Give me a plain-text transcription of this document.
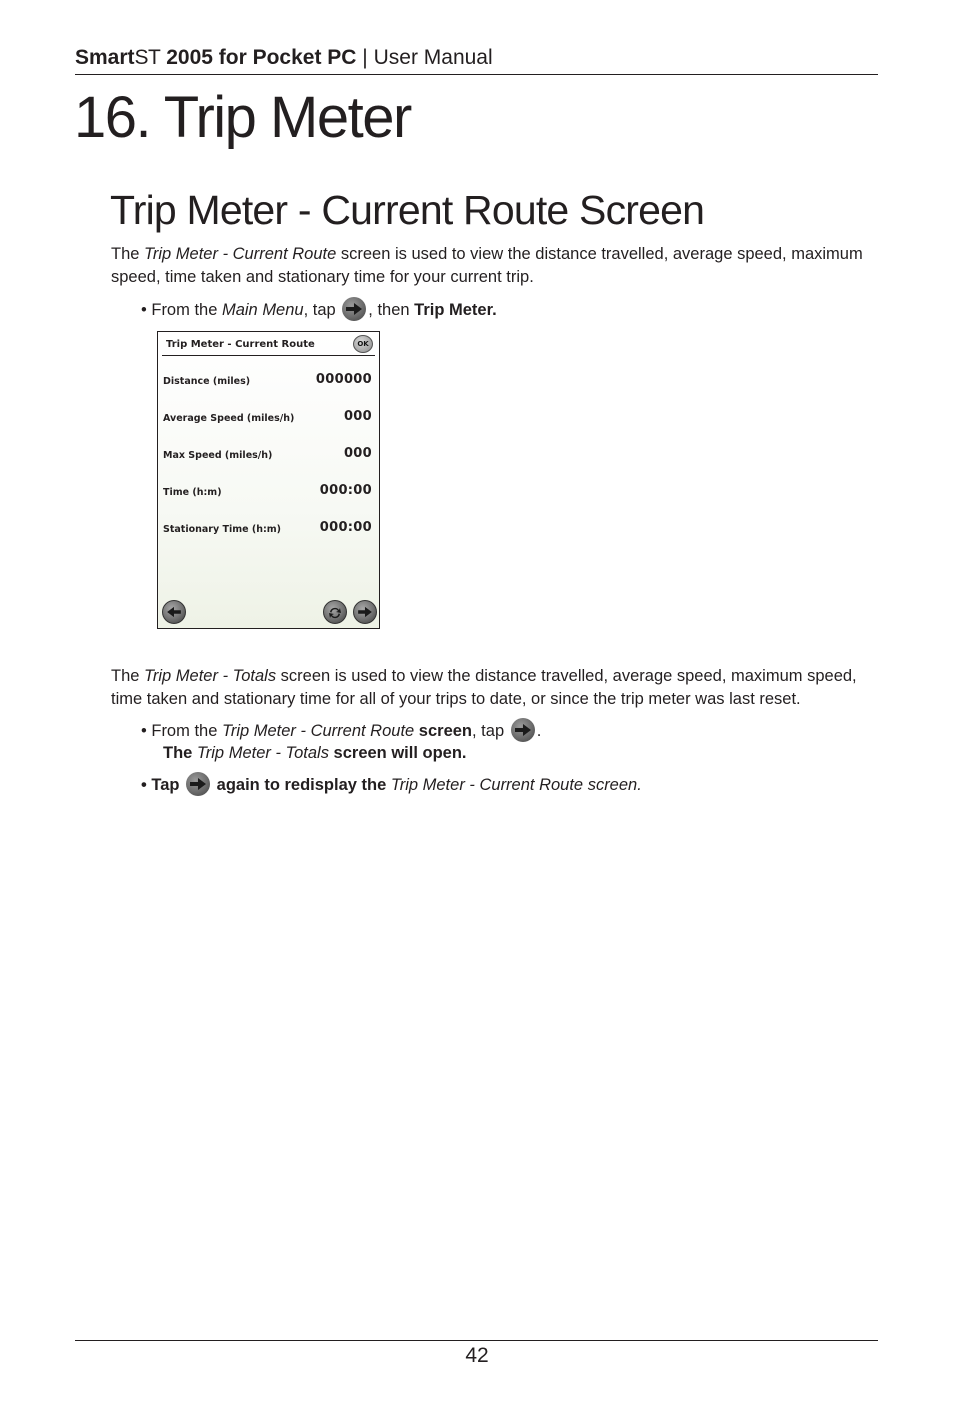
SmartST 2005 for Pocket PC | User Manual
16. Trip Meter
Trip Meter - Current Route Screen

The Trip Meter - Current Route screen is used to view the distance travelled, average speed, maximum speed, time taken and stationary time for your current trip.

• From the Main Menu, tap
, then Trip Meter.
Trip Meter - Current Route	OK
Distance (miles)	000000
Average Speed (miles/h)	000
Max Speed (miles/h)	000
Time (h:m)	000:00
Stationary Time (h:m)	000:00

The Trip Meter - Totals screen is used to view the distance travelled, average speed, maximum speed, time taken and stationary time for all of your trips to date, or since the trip meter was last reset.

• From the Trip Meter - Current Route screen, tap
.
The Trip Meter - Totals screen will open.
• Tap
again to redisplay the Trip Meter - Current Route screen.
42
